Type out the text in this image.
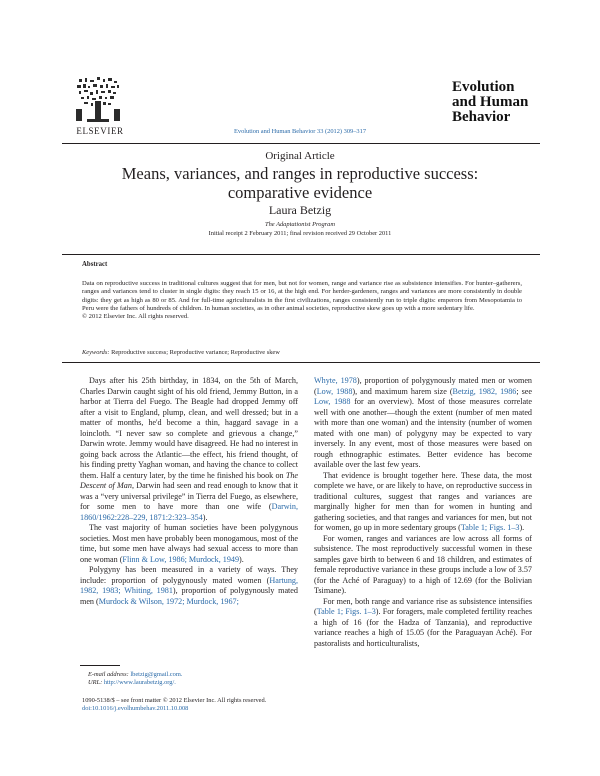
ELSEVIER	Evolution and Human Behavior 33 (2012) 309–317
Evolution
and Human
Behavior
Original Article
Means, variances, and ranges in reproductive success:
comparative evidence
Laura Betzig
The Adaptationist Program
Initial receipt 2 February 2011; final revision received 29 October 2011
Abstract
Data on reproductive success in traditional cultures suggest that for men, but not for women, range and variance rise as subsistence intensifies. For hunter–gatherers, ranges and variances tend to cluster in single digits: they reach 15 or 16, at the high end. For herder-gardeners, ranges and variances are more consistently in double digits: they get as high as 80 or 85. And for full-time agriculturalists in the first civilizations, ranges consistently run to triple digits: emperors from Mesopotamia to Peru were the fathers of hundreds of children. In human societies, as in other animal societies, reproductive skew goes up with a more sedentary life.
© 2012 Elsevier Inc. All rights reserved.
Keywords: Reproductive success; Reproductive variance; Reproductive skew

Days after his 25th birthday, in 1834, on the 5th of March, Charles Darwin caught sight of his old friend, Jemmy Button, in a harbor at Tierra del Fuego. The Beagle had dropped Jemmy off after a visit to England, plump, clean, and well dressed; but in a matter of months, he'd become a thin, haggard savage in a loincloth. “I never saw so complete and grievous a change,” Darwin wrote. Jemmy would have disagreed. He had no interest in going back across the Atlantic—the effect, his friend thought, of his finding pretty Yaghan woman, and having the chance to collect them. Half a century later, by the time he finished his book on The Descent of Man, Darwin had seen and read enough to know that it was a “very universal privilege” in Tierra del Fuego, as elsewhere, for some men to have more than one wife (Darwin, 1860/1962:228–229, 1871:2:323–354).

The vast majority of human societies have been polygynous societies. Most men have probably been monogamous, most of the time, but some men have always had sexual access to more than one woman (Flinn & Low, 1986; Murdock, 1949).

Polygyny has been measured in a variety of ways. They include: proportion of polygynously mated women (Hartung, 1982, 1983; Whiting, 1981), proportion of polygynously mated men (Murdock & Wilson, 1972; Murdock, 1967;

Whyte, 1978), proportion of polygynously mated men or women (Low, 1988), and maximum harem size (Betzig, 1982, 1986; see Low, 1988 for an overview). Most of those measures correlate well with one another—though the extent (number of men mated with more than one woman) and the intensity (number of women mated with one man) of polygyny may be expected to vary inversely. In any event, most of those measures were based on rough ethnographic estimates. Better evidence has become available over the last few years.

That evidence is brought together here. These data, the most complete we have, or are likely to have, on reproductive success in traditional cultures, suggest that ranges and variances are marginally higher for men than for women in hunting and gathering societies, and that ranges and variances for men, but not for women, go up in more sedentary groups (Table 1; Figs. 1–3).

For women, ranges and variances are low across all forms of subsistence. The most reproductively successful women in these samples gave birth to between 6 and 18 children, and estimates of female reproductive variance in these groups include a low of 3.57 (for the Aché of Paraguay) to a high of 12.69 (for the Bolivian Tsimane).

For men, both range and variance rise as subsistence intensifies (Table 1; Figs. 1–3). For foragers, male completed fertility reaches a high of 16 (for the Hadza of Tanzania), and reproductive variance reaches a high of 15.05 (for the Paraguayan Aché). For pastoralists and horticulturalists,

E-mail address: lbetzig@gmail.com.
URL: http://www.laurabetzig.org/.
1090-5138/$ – see front matter © 2012 Elsevier Inc. All rights reserved.
doi:10.1016/j.evolhumbehav.2011.10.008
